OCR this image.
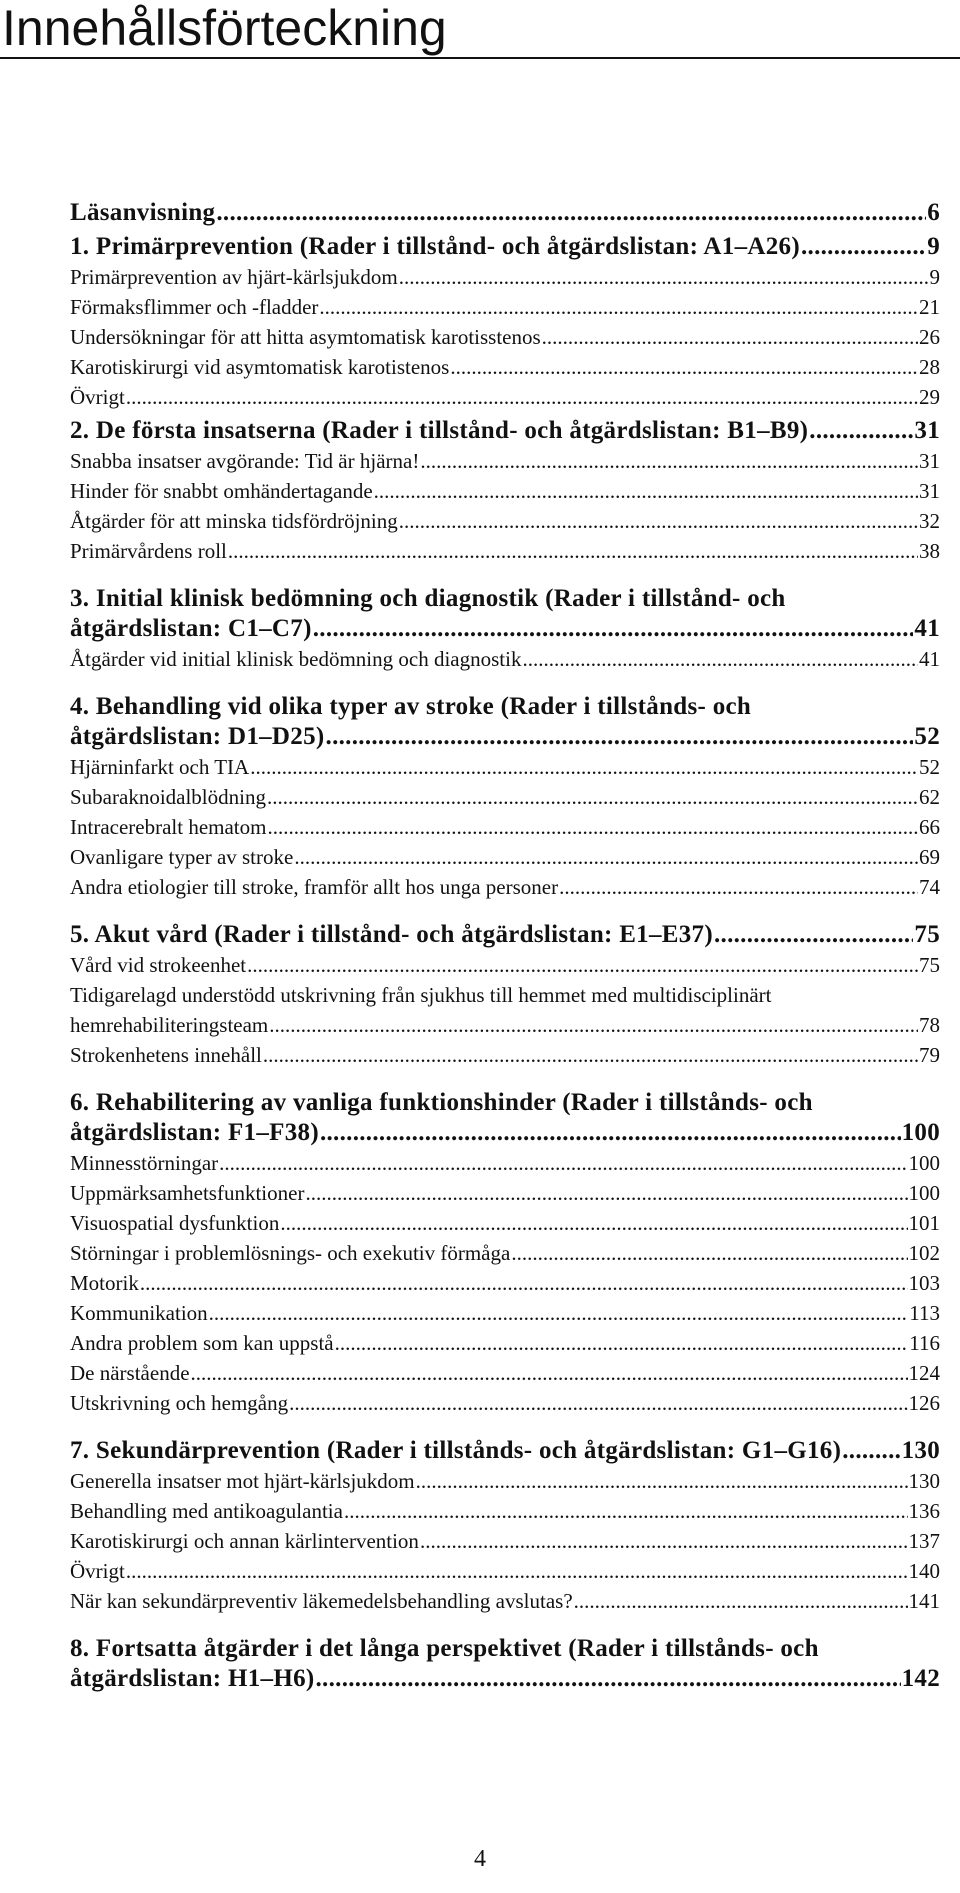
Innehållsförteckning
Läsanvisning .....	6
1. Primärprevention (Rader i tillstånd- och åtgärdslistan: A1–A26) .....	9
Primärprevention av hjärt-kärlsjukdom .....	9
Förmaksflimmer och -fladder .....	21
Undersökningar för att hitta asymtomatisk karotisstenos .....	26
Karotiskirurgi vid asymtomatisk karotistenos .....	28
Övrigt .....	29
2. De första insatserna (Rader i tillstånd- och åtgärdslistan: B1–B9) .....	31
Snabba insatser avgörande: Tid är hjärna! .....	31
Hinder för snabbt omhändertagande .....	31
Åtgärder för att minska tidsfördröjning .....	32
Primärvårdens roll .....	38
3. Initial klinisk bedömning och diagnostik (Rader i tillstånd- och
åtgärdslistan: C1–C7) .....	41
Åtgärder vid initial klinisk bedömning och diagnostik .....	41
4. Behandling vid olika typer av stroke (Rader i tillstånds- och
åtgärdslistan: D1–D25) .....	52
Hjärninfarkt och TIA .....	52
Subaraknoidalblödning .....	62
Intracerebralt hematom .....	66
Ovanligare typer av stroke .....	69
Andra etiologier till stroke, framför allt hos unga personer .....	74
5. Akut vård (Rader i tillstånd- och åtgärdslistan: E1–E37) .....	75
Vård vid strokeenhet .....	75
Tidigarelagd understödd utskrivning från sjukhus till hemmet med multidisciplinärt
hemrehabiliteringsteam .....	78
Strokenhetens innehåll .....	79
6. Rehabilitering av vanliga funktionshinder (Rader i tillstånds- och
åtgärdslistan: F1–F38) .....	100
Minnesstörningar .....	100
Uppmärksamhetsfunktioner .....	100
Visuospatial dysfunktion .....	101
Störningar i problemlösnings- och exekutiv förmåga .....	102
Motorik .....	103
Kommunikation .....	113
Andra problem som kan uppstå .....	116
De närstående .....	124
Utskrivning och hemgång .....	126
7. Sekundärprevention (Rader i tillstånds- och åtgärdslistan: G1–G16) ..... 130
Generella insatser mot hjärt-kärlsjukdom .....	130
Behandling med antikoagulantia .....	136
Karotiskirurgi och annan kärlintervention .....	137
Övrigt .....	140
När kan sekundärpreventiv läkemedelsbehandling avslutas? .....	141
8. Fortsatta åtgärder i det långa perspektivet (Rader i tillstånds- och
åtgärdslistan: H1–H6) .....	142
4
